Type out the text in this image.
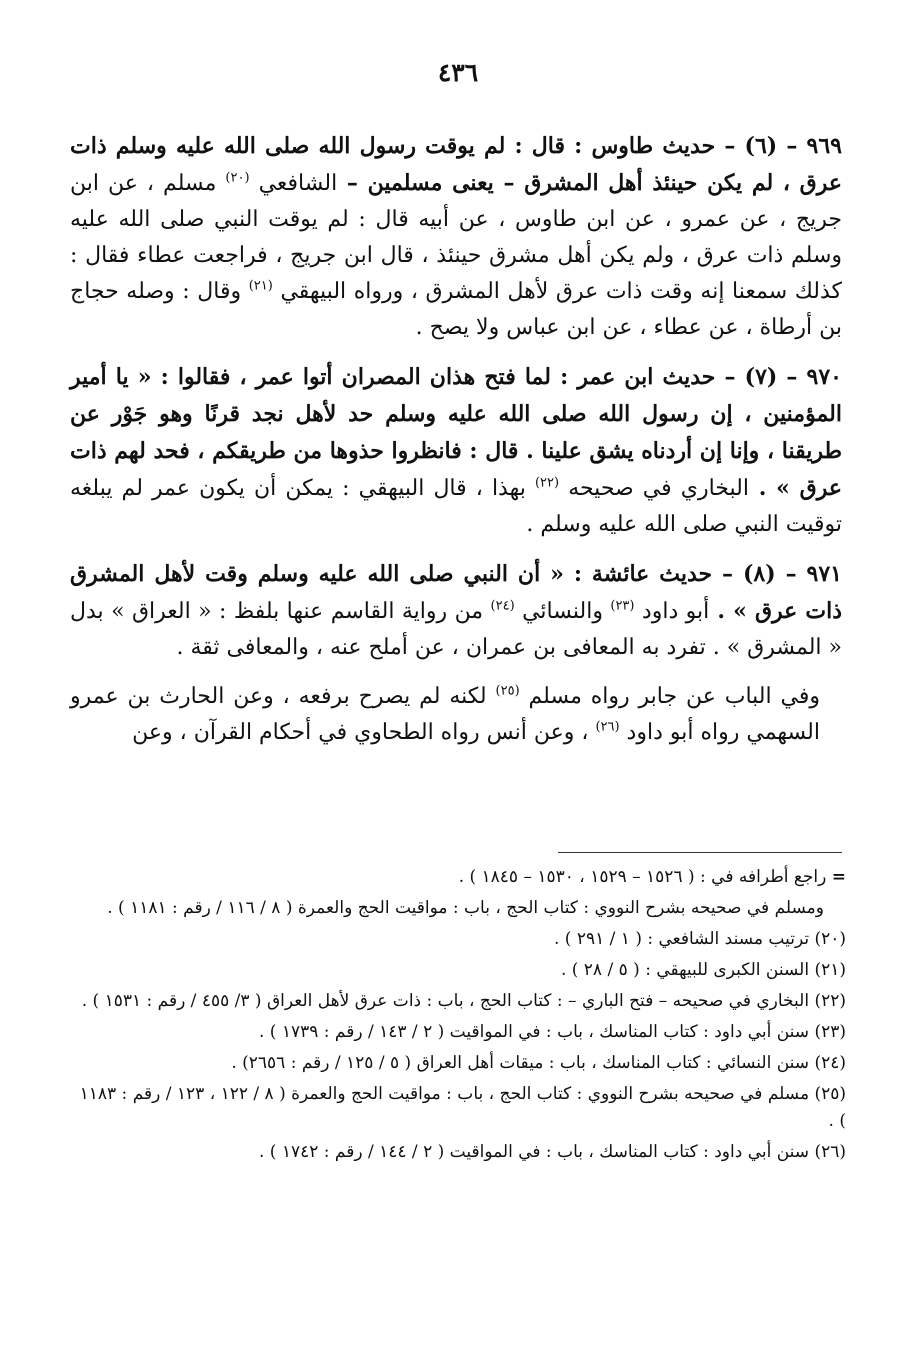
٤٣٦

٩٦٩ – (٦) – حديث طاوس : قال : لم يوقت رسول الله صلى الله عليه وسلم ذات عرق ، لم يكن حينئذ أهل المشرق – يعنى مسلمين – الشافعي $^{(٢٠)}$ مسلم ، عن ابن جريج ، عن عمرو ، عن ابن طاوس ، عن أبيه قال : لم يوقت النبي صلى الله عليه وسلم ذات عرق ، ولم يكن أهل مشرق حينئذ ، قال ابن جريج ، فراجعت عطاء فقال : كذلك سمعنا إنه وقت ذات عرق لأهل المشرق ، ورواه البيهقي $^{(٢١)}$ وقال : وصله حجاج بن أرطاة ، عن عطاء ، عن ابن عباس ولا يصح .

٩٧٠ – (٧) – حديث ابن عمر : لما فتح هذان المصران أتوا عمر ، فقالوا : « يا أمير المؤمنين ، إن رسول الله صلى الله عليه وسلم حد لأهل نجد قرنًا وهو جَوْر عن طريقنا ، وإنا إن أردناه يشق علينا . قال : فانظروا حذوها من طريقكم ، فحد لهم ذات عرق » . البخاري في صحيحه $^{(٢٢)}$ بهذا ، قال البيهقي : يمكن أن يكون عمر لم يبلغه توقيت النبي صلى الله عليه وسلم .

٩٧١ – (٨) – حديث عائشة : « أن النبي صلى الله عليه وسلم وقت لأهل المشرق ذات عرق » . أبو داود $^{(٢٣)}$ والنسائي $^{(٢٤)}$ من رواية القاسم عنها بلفظ : « العراق » بدل « المشرق » . تفرد به المعافى بن عمران ، عن أملح عنه ، والمعافى ثقة .

وفي الباب عن جابر رواه مسلم $^{(٢٥)}$ لكنه لم يصرح برفعه ، وعن الحارث بن عمرو السهمي رواه أبو داود $^{(٢٦)}$ ، وعن أنس رواه الطحاوي في أحكام القرآن ، وعن

= راجع أطرافه في : ( ١٥٢٦ – ١٥٢٩ ، ١٥٣٠ – ١٨٤٥ ) .

ومسلم في صحيحه بشرح النووي : كتاب الحج ، باب : مواقيت الحج والعمرة ( ٨ / ١١٦ / رقم : ١١٨١ ) .

(٢٠) ترتيب مسند الشافعي : ( ١ / ٢٩١ ) .

(٢١) السنن الكبرى للبيهقي : ( ٥ / ٢٨ ) .

(٢٢) البخاري في صحيحه – فتح الباري – : كتاب الحج ، باب : ذات عرق لأهل العراق ( ٣/ ٤٥٥ / رقم : ١٥٣١ ) .

(٢٣) سنن أبي داود : كتاب المناسك ، باب : في المواقيت ( ٢ / ١٤٣ / رقم : ١٧٣٩ ) .

(٢٤) سنن النسائي : كتاب المناسك ، باب : ميقات أهل العراق ( ٥ / ١٢٥ / رقم : ٢٦٥٦) .

(٢٥) مسلم في صحيحه بشرح النووي : كتاب الحج ، باب : مواقيت الحج والعمرة ( ٨ / ١٢٢ ، ١٢٣ / رقم : ١١٨٣ ) .

(٢٦) سنن أبي داود : كتاب المناسك ، باب : في المواقيت ( ٢ / ١٤٤ / رقم : ١٧٤٢ ) .
